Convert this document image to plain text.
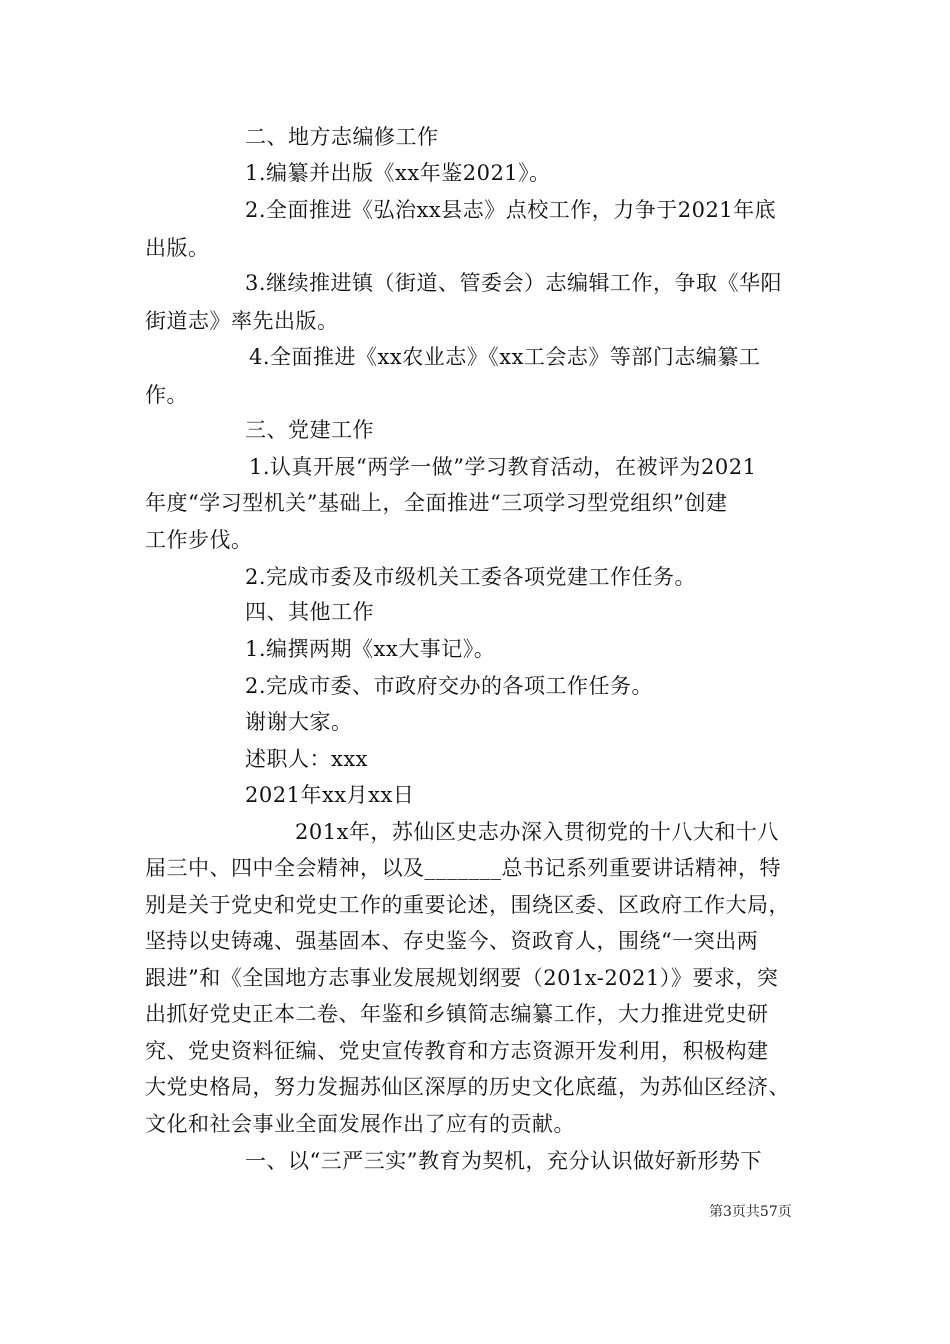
二、地方志编修工作
1.编纂并出版《xx年鉴2021》。
2.全面推进《弘治xx县志》点校工作，力争于2021年底
出版。
3.继续推进镇（街道、管委会）志编辑工作，争取《华阳
街道志》率先出版。
4.全面推进《xx农业志》《xx工会志》等部门志编纂工
作。
三、党建工作
1.认真开展“两学一做”学习教育活动，在被评为2021
年度“学习型机关”基础上，全面推进“三项学习型党组织”创建
工作步伐。
2.完成市委及市级机关工委各项党建工作任务。
四、其他工作
1.编撰两期《xx大事记》。
2.完成市委、市政府交办的各项工作任务。
谢谢大家。
述职人：xxx
2021年xx月xx日
201x年，苏仙区史志办深入贯彻党的十八大和十八
届三中、四中全会精神，以及_______总书记系列重要讲话精神，特
别是关于党史和党史工作的重要论述，围绕区委、区政府工作大局，
坚持以史铸魂、强基固本、存史鉴今、资政育人，围绕“一突出两
跟进”和《全国地方志事业发展规划纲要（201x-2021）》要求，突
出抓好党史正本二卷、年鉴和乡镇简志编纂工作，大力推进党史研
究、党史资料征编、党史宣传教育和方志资源开发利用，积极构建
大党史格局，努力发掘苏仙区深厚的历史文化底蕴，为苏仙区经济、
文化和社会事业全面发展作出了应有的贡献。
一、以“三严三实”教育为契机，充分认识做好新形势下
第3页共57页
